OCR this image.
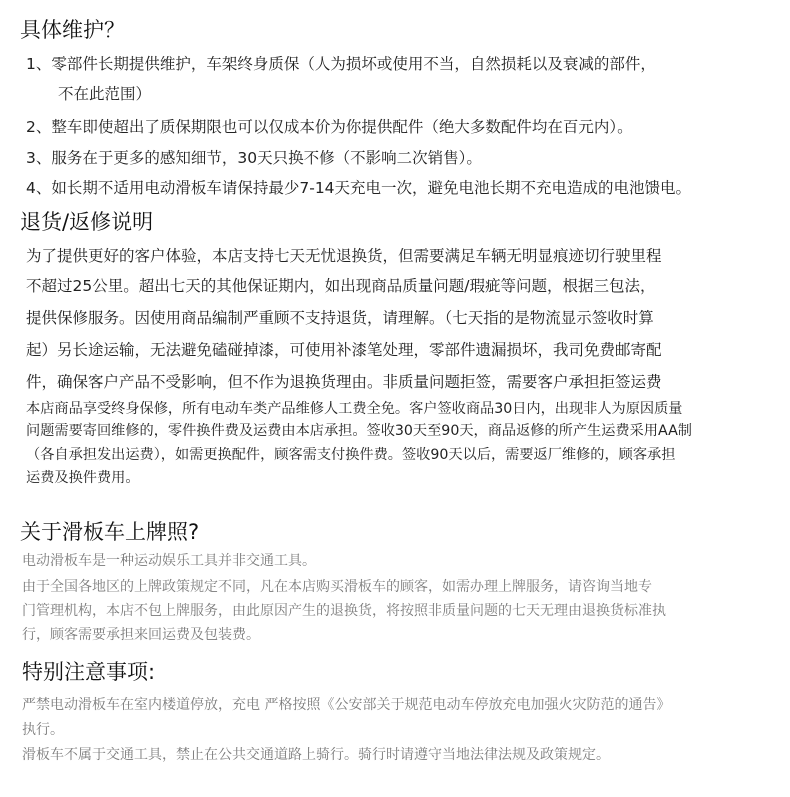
具体维护？

1、零部件长期提供维护，车架终身质保（人为损坏或使用不当，自然损耗以及衰减的部件，

不在此范围）

2、整车即使超出了质保期限也可以仅成本价为你提供配件（绝大多数配件均在百元内）。

3、服务在于更多的感知细节，30天只换不修（不影响二次销售）。

4、如长期不适用电动滑板车请保持最少7-14天充电一次，避免电池长期不充电造成的电池馈电。

退货/返修说明

为了提供更好的客户体验，本店支持七天无忧退换货，但需要满足车辆无明显痕迹切行驶里程

不超过25公里。超出七天的其他保证期内，如出现商品质量问题/瑕疵等问题，根据三包法，

提供保修服务。因使用商品编制严重顾不支持退货，请理解。（七天指的是物流显示签收时算

起）另长途运输，无法避免磕碰掉漆，可使用补漆笔处理，零部件遗漏损坏，我司免费邮寄配

件，确保客户产品不受影响，但不作为退换货理由。非质量问题拒签，需要客户承担拒签运费

本店商品享受终身保修，所有电动车类产品维修人工费全免。客户签收商品30日内，出现非人为原因质量

问题需要寄回维修的，零件换件费及运费由本店承担。签收30天至90天，商品返修的所产生运费采用AA制

（各自承担发出运费），如需更换配件，顾客需支付换件费。签收90天以后，需要返厂维修的，顾客承担

运费及换件费用。

关于滑板车上牌照?

电动滑板车是一种运动娱乐工具并非交通工具。

由于全国各地区的上牌政策规定不同，凡在本店购买滑板车的顾客，如需办理上牌服务，请咨询当地专

门管理机构，本店不包上牌服务，由此原因产生的退换货，将按照非质量问题的七天无理由退换货标准执

行，顾客需要承担来回运费及包装费。

特别注意事项:

严禁电动滑板车在室内楼道停放，充电 严格按照《公安部关于规范电动车停放充电加强火灾防范的通告》

执行。

滑板车不属于交通工具，禁止在公共交通道路上骑行。骑行时请遵守当地法律法规及政策规定。
